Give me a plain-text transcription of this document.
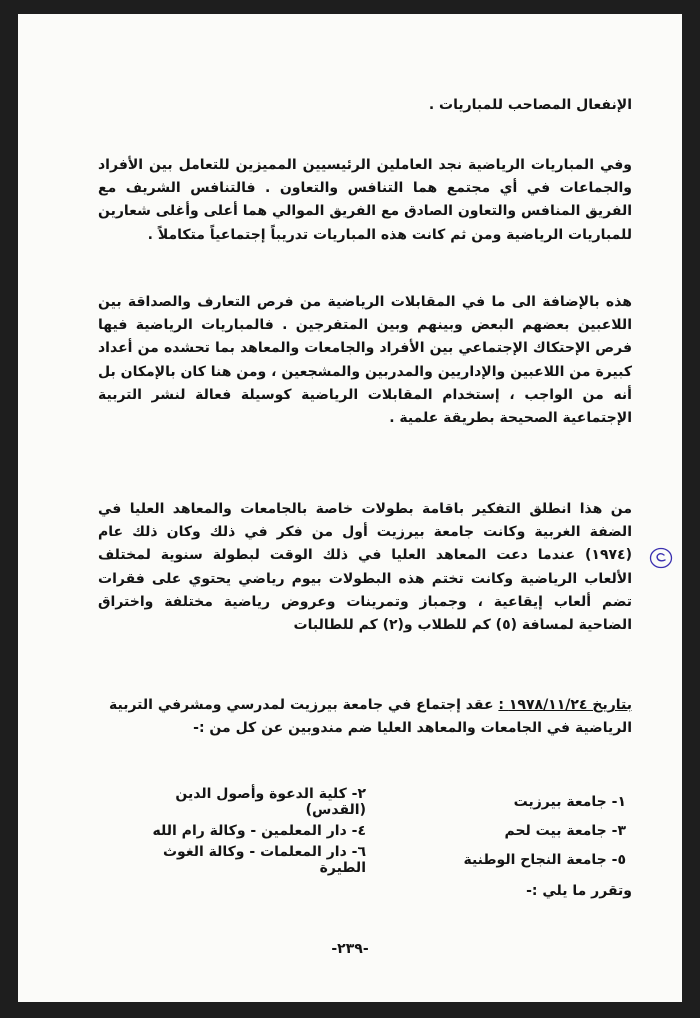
الإنفعال المصاحب للمباريات .
وفي المباريات الرياضية نجد العاملين الرئيسيين المميزين للتعامل بين الأفراد والجماعات في أي مجتمع هما التنافس والتعاون . فالتنافس الشريف مع الفريق المنافس والتعاون الصادق مع الفريق الموالي هما أعلى وأغلى شعارين للمباريات الرياضية ومن ثم كانت هذه المباريات تدريباً إجتماعياً متكاملاً .
هذه بالإضافة الى ما في المقابلات الرياضية من فرص التعارف والصداقة بين اللاعبين بعضهم البعض وبينهم وبين المتفرجين . فالمباريات الرياضية فيها فرص الإحتكاك الإجتماعي بين الأفراد والجامعات والمعاهد بما تحشده من أعداد كبيرة من اللاعبين والإداريين والمدربين والمشجعين ، ومن هنا كان بالإمكان بل أنه من الواجب ، إستخدام المقابلات الرياضية كوسيلة فعالة لنشر التربية الإجتماعية الصحيحة بطريقة علمية .
من هذا انطلق التفكير باقامة بطولات خاصة بالجامعات والمعاهد العليا في الضفة الغربية وكانت جامعة بيرزيت أول من فكر في ذلك وكان ذلك عام (١٩٧٤) عندما دعت المعاهد العليا في ذلك الوقت لبطولة سنوية لمختلف الألعاب الرياضية وكانت تختم هذه البطولات بيوم رياضي يحتوي على فقرات تضم ألعاب إيقاعية ، وجمباز وتمرينات وعروض رياضية مختلفة واختراق الضاحية لمسافة (٥) كم للطلاب و(٢) كم للطالبات
بتاريخ ١٩٧٨/١١/٢٤ : عقد إجتماع في جامعة بيرزيت لمدرسي ومشرفي التربية الرياضية في الجامعات والمعاهد العليا ضم مندوبين عن كل من :-
١- جامعة بيرزيت
٢- كلية الدعوة وأصول الدين (القدس)
٣- جامعة بيت لحم
٤- دار المعلمين - وكالة رام الله
٥- جامعة النجاح الوطنية
٦- دار المعلمات - وكالة الغوث الطيرة
وتقرر ما يلي :-
-٢٣٩-
